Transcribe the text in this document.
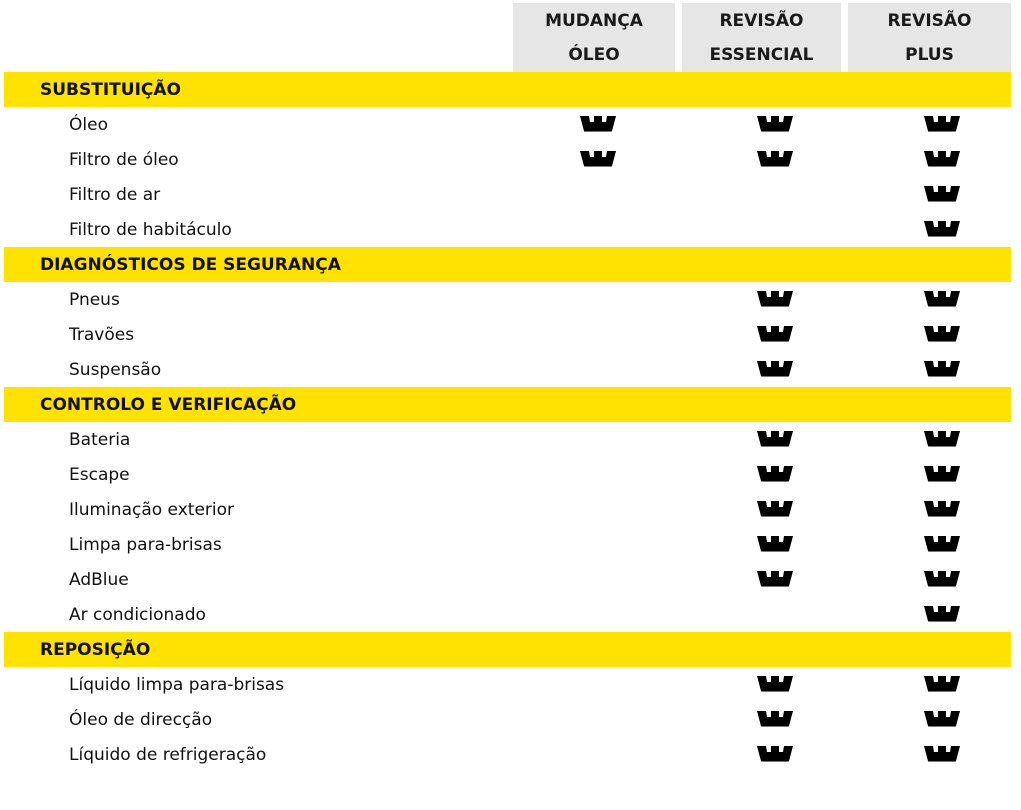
MUDANÇA
ÓLEO
REVISÃO
ESSENCIAL
REVISÃO
PLUS
SUBSTITUIÇÃO
Óleo
Filtro de óleo
Filtro de ar
Filtro de habitáculo
DIAGNÓSTICOS DE SEGURANÇA
Pneus
Travões
Suspensão
CONTROLO E VERIFICAÇÃO
Bateria
Escape
Iluminação exterior
Limpa para-brisas
AdBlue
Ar condicionado
REPOSIÇÃO
Líquido limpa para-brisas
Óleo de direcção
Líquido de refrigeração
